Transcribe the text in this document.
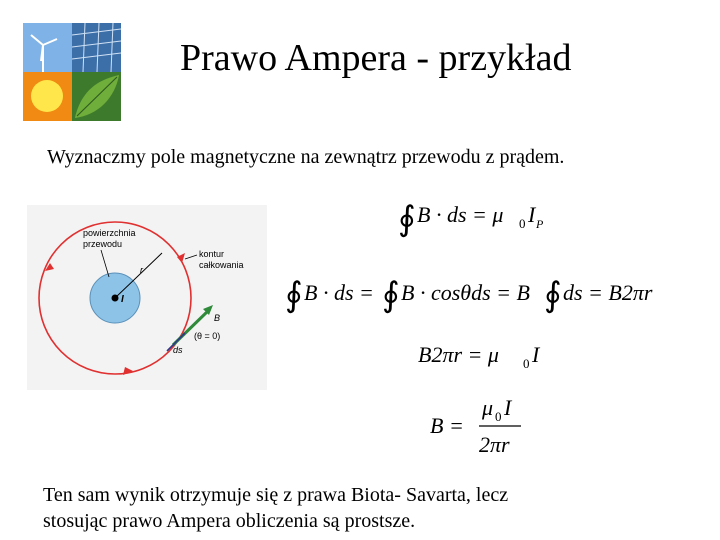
Prawo Ampera - przykład
Wyznaczmy pole magnetyczne na zewnątrz przewodu z prądem.
r
I
powierzchnia
przewodu
kontur
całkowania
B
(θ = 0)
ds
∮ B · ds = μ 0 I P
∮ B · ds = ∮ B · cosθds = B ∮ ds = B2πr
B2πr = μ 0 I
B =
μ 0 I
2πr
Ten sam wynik otrzymuje się z prawa Biota- Savarta, lecz
stosując prawo Ampera obliczenia są prostsze.
